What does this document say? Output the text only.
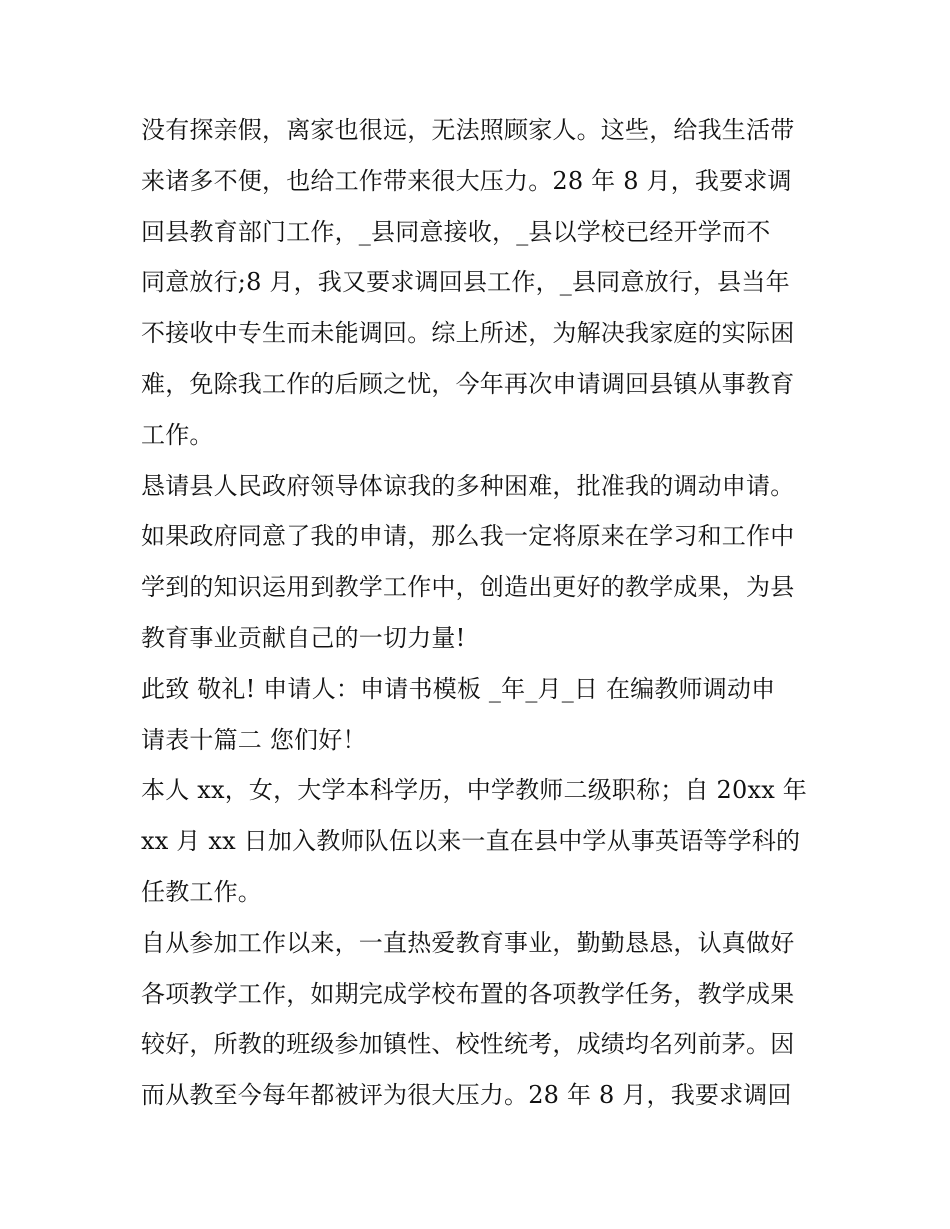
没有探亲假，离家也很远，无法照顾家人。这些，给我生活带
来诸多不便，也给工作带来很大压力。28 年 8 月，我要求调
回县教育部门工作，_县同意接收，_县以学校已经开学而不
同意放行;8 月，我又要求调回县工作，_县同意放行，县当年
不接收中专生而未能调回。综上所述，为解决我家庭的实际困
难，免除我工作的后顾之忧，今年再次申请调回县镇从事教育
工作。
恳请县人民政府领导体谅我的多种困难，批准我的调动申请。
如果政府同意了我的申请，那么我一定将原来在学习和工作中
学到的知识运用到教学工作中，创造出更好的教学成果，为县
教育事业贡献自己的一切力量!
此致 敬礼! 申请人：申请书模板 _年_月_日 在编教师调动申
请表十篇二 您们好！
本人 xx，女，大学本科学历，中学教师二级职称；自 20xx 年
xx 月 xx 日加入教师队伍以来一直在县中学从事英语等学科的
任教工作。
自从参加工作以来，一直热爱教育事业，勤勤恳恳，认真做好
各项教学工作，如期完成学校布置的各项教学任务，教学成果
较好，所教的班级参加镇性、校性统考，成绩均名列前茅。因
而从教至今每年都被评为很大压力。28 年 8 月，我要求调回
